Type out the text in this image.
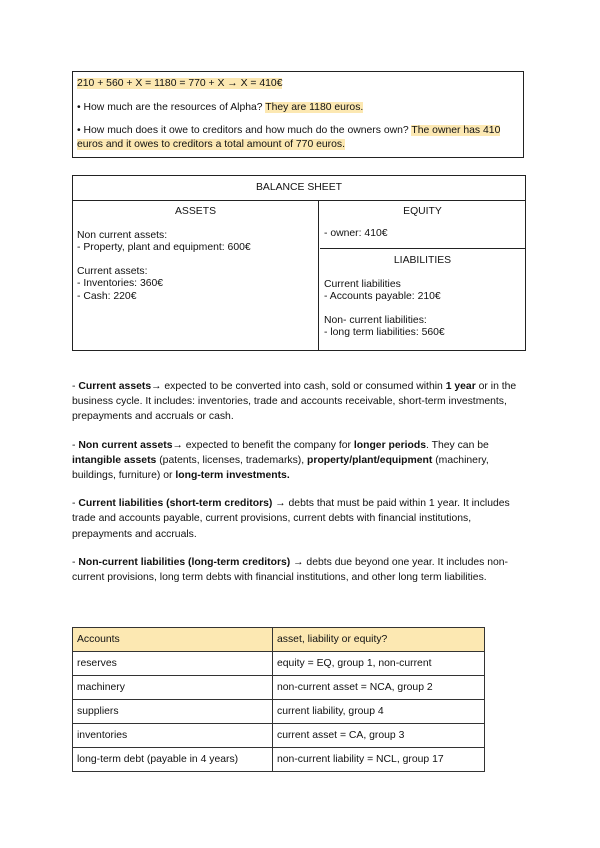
210 + 560 + X = 1180 = 770 + X → X = 410€

• How much are the resources of Alpha? They are 1180 euros.

• How much does it owe to creditors and how much do the owners own? The owner has 410 euros and it owes to creditors a total amount of 770 euros.

BALANCE SHEET
ASSETS
Non current assets:
- Property, plant and equipment: 600€
Current assets:
- Inventories: 360€
- Cash: 220€
EQUITY
- owner: 410€
LIABILITIES
Current liabilities
- Accounts payable: 210€
Non- current liabilities:
- long term liabilities: 560€

- Current assets→ expected to be converted into cash, sold or consumed within 1 year or in the business cycle. It includes: inventories, trade and accounts receivable, short-term investments, prepayments and accruals or cash.

- Non current assets→ expected to benefit the company for longer periods. They can be intangible assets (patents, licenses, trademarks), property/plant/equipment (machinery, buildings, furniture) or long-term investments.

- Current liabilities (short-term creditors) → debts that must be paid within 1 year. It includes trade and accounts payable, current provisions, current debts with financial institutions, prepayments and accruals.

- Non-current liabilities (long-term creditors) → debts due beyond one year. It includes non-current provisions, long term debts with financial institutions, and other long term liabilities.

Accounts	asset, liability or equity?
reserves	equity = EQ, group 1, non-current
machinery	non-current asset = NCA, group 2
suppliers	current liability, group 4
inventories	current asset = CA, group 3
long-term debt (payable in 4 years)	non-current liability = NCL, group 17
